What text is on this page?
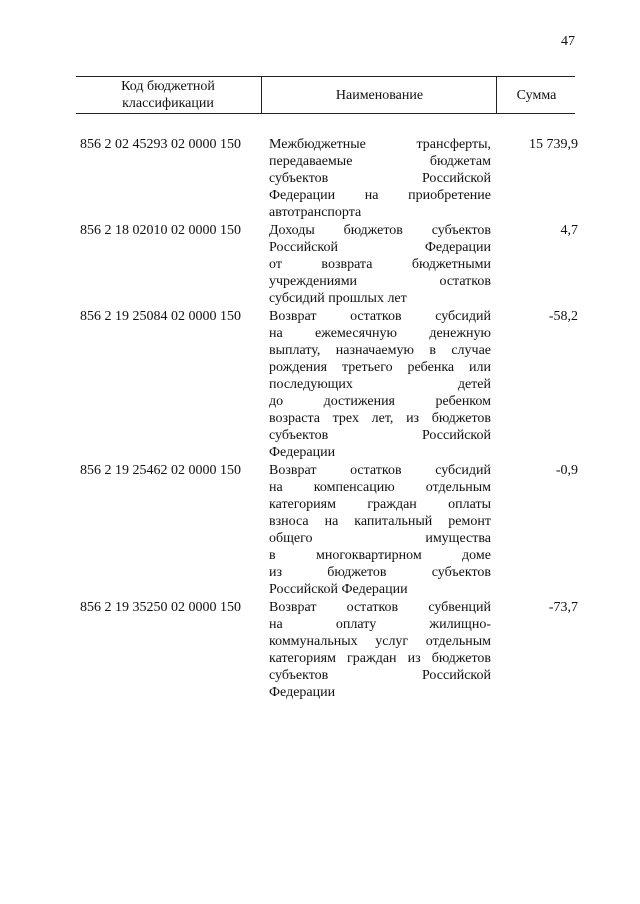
47
Код бюджетной классификации
Наименование	Сумма
856 2 02 45293 02 0000 150 Межбюджетные трансферты,
передаваемые бюджетам
субъектов Российской
Федерации на приобретение
автотранспорта
15 739,9
856 2 18 02010 02 0000 150 Доходы бюджетов субъектов
Российской Федерации
от возврата бюджетными
учреждениями остатков
субсидий прошлых лет
4,7
856 2 19 25084 02 0000 150 Возврат остатков субсидий
на ежемесячную денежную
выплату, назначаемую в случае
рождения третьего ребенка или
последующих детей
до достижения ребенком
возраста трех лет, из бюджетов
субъектов Российской
Федерации
-58,2
856 2 19 25462 02 0000 150 Возврат остатков субсидий
на компенсацию отдельным
категориям граждан оплаты
взноса на капитальный ремонт
общего имущества
в многоквартирном доме
из бюджетов субъектов
Российской Федерации
-0,9
856 2 19 35250 02 0000 150 Возврат остатков субвенций
на оплату жилищно-
коммунальных услуг отдельным
категориям граждан из бюджетов
субъектов Российской
Федерации
-73,7
